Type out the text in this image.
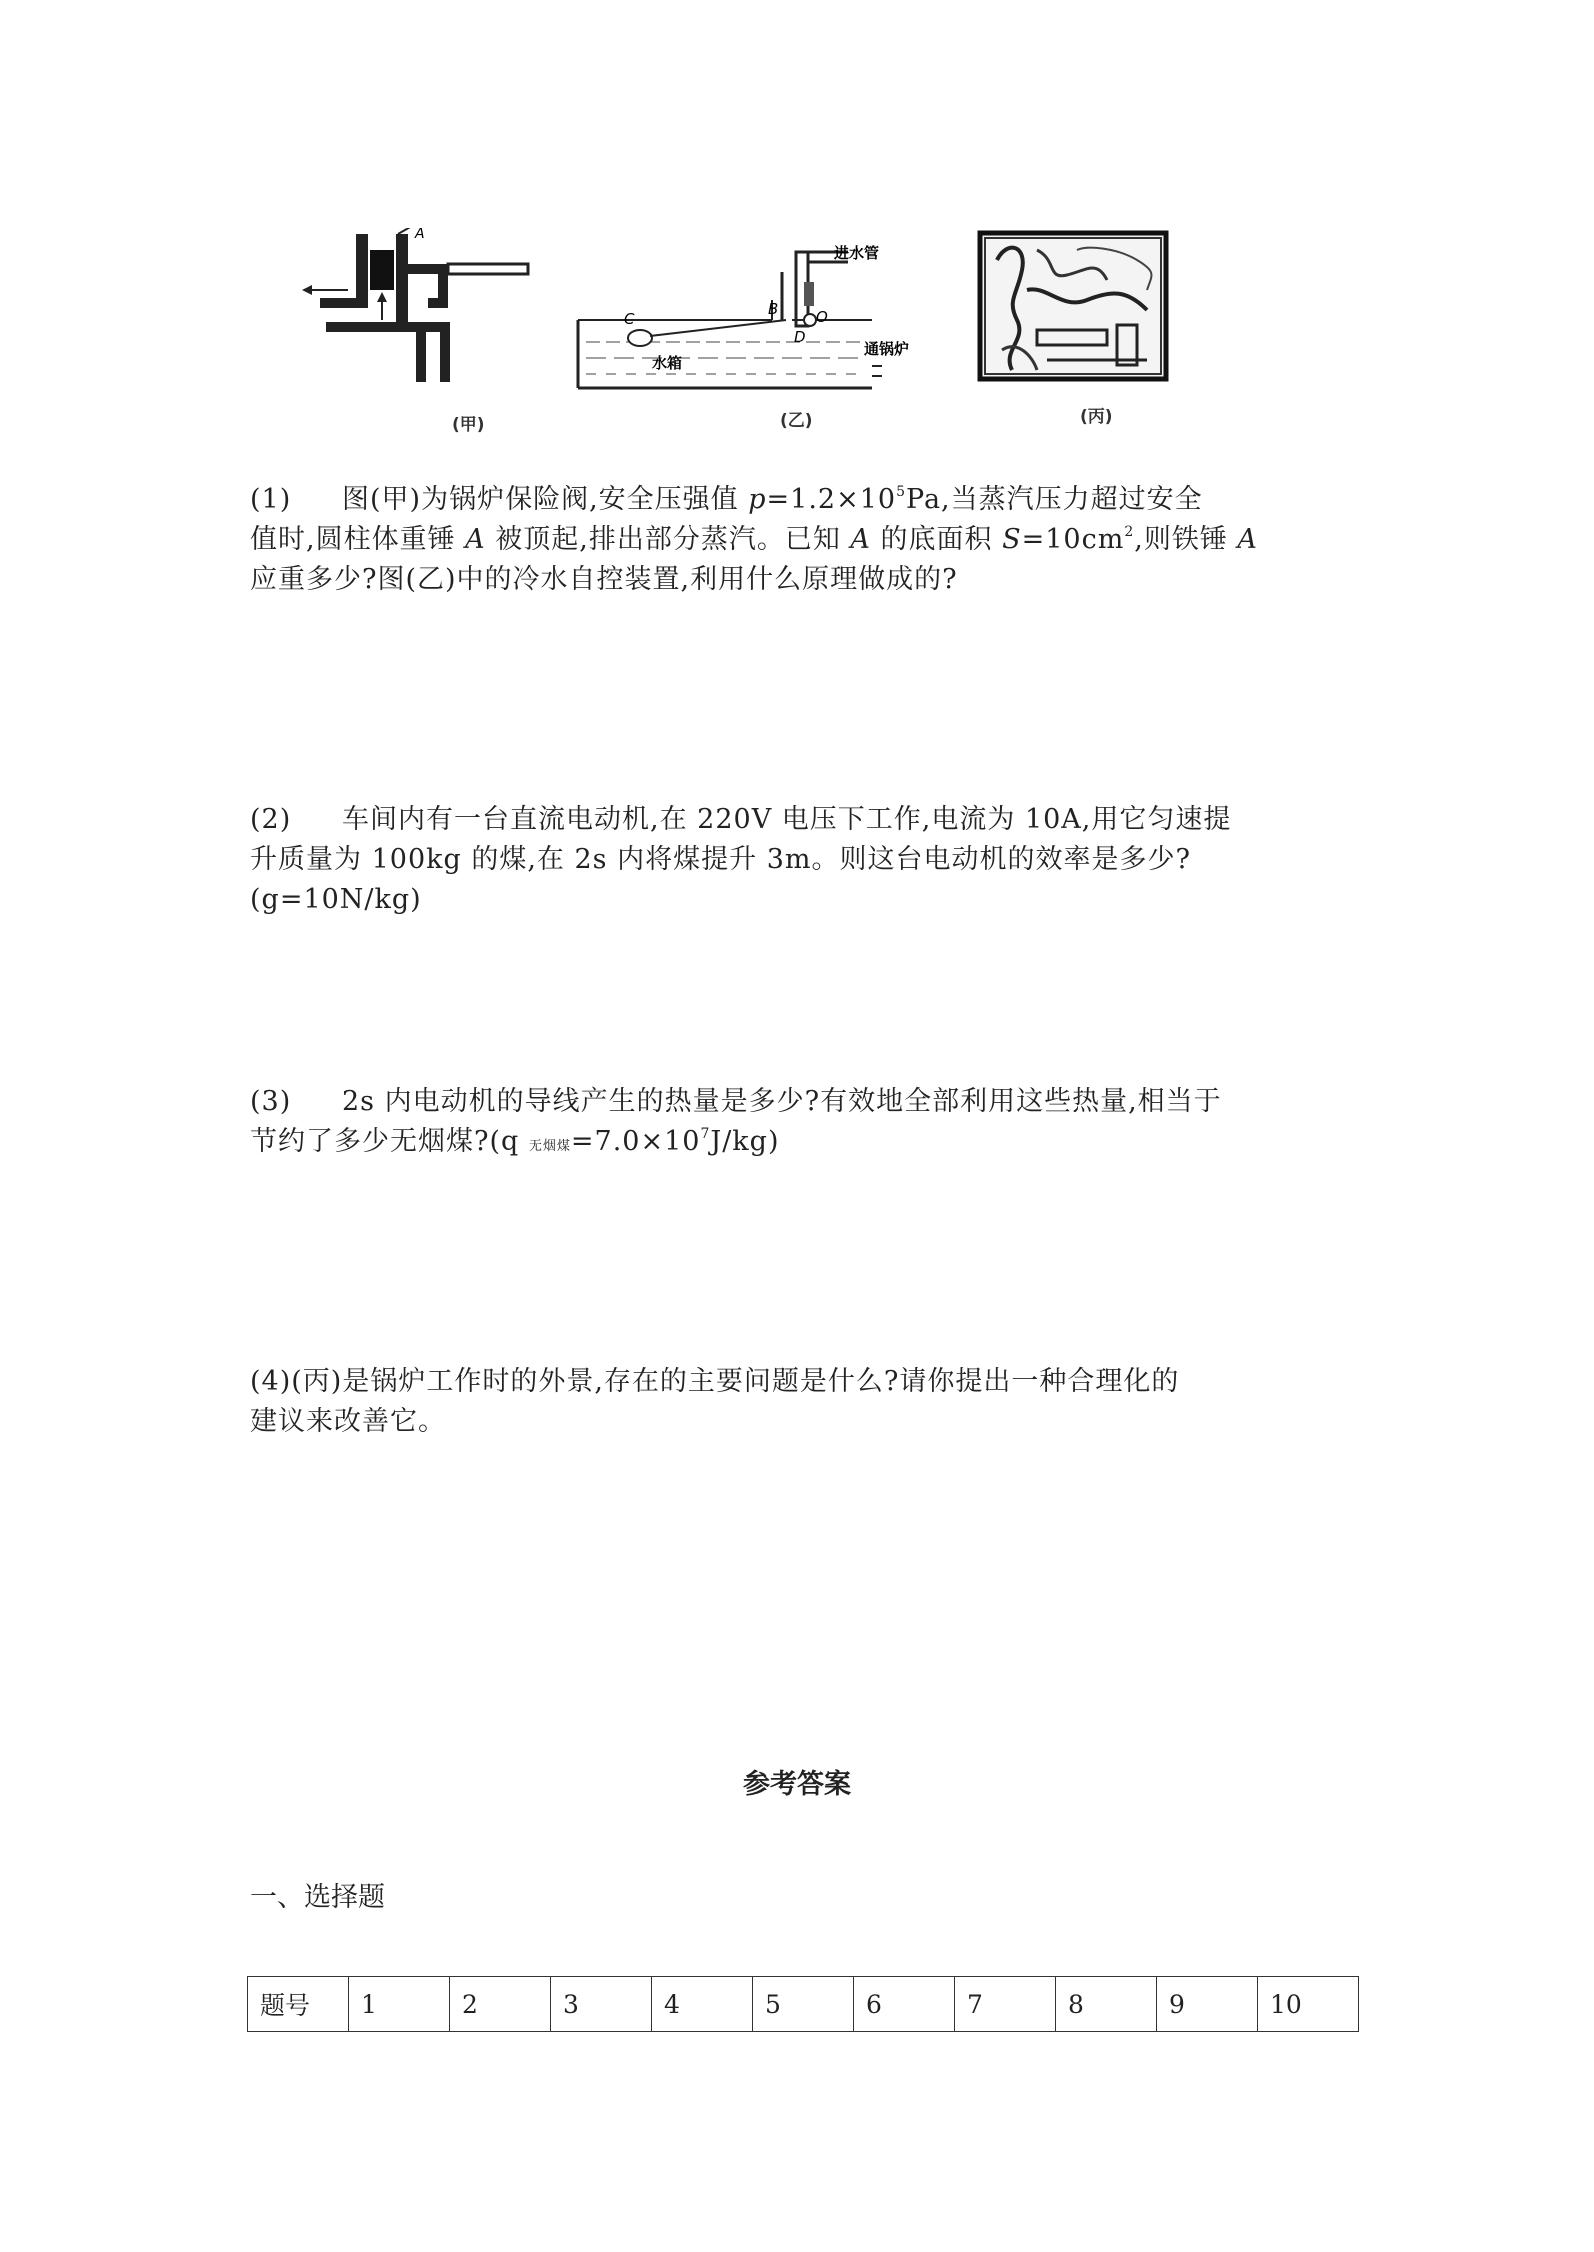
A
(甲)
C
B	O
D
进水管
通锅炉
水箱
(乙)	(丙)
(1) 图(甲)为锅炉保险阀,安全压强值 $p=1.2\times 10^5Pa$,当蒸汽压力超过安全
值时,圆柱体重锤 A 被顶起,排出部分蒸汽。已知 A 的底面积 $S=10cm^2$,则铁锤 A
应重多少?图(乙)中的冷水自控装置,利用什么原理做成的?
(2) 车间内有一台直流电动机,在 220V 电压下工作,电流为 10A,用它匀速提
升质量为 100kg 的煤,在 2s 内将煤提升 3m。则这台电动机的效率是多少?
(g=10N/kg)
(3) 2s 内电动机的导线产生的热量是多少?有效地全部利用这些热量,相当于
节约了多少无烟煤?(q 无烟煤$=7.0\times 10^7J/kg$)
(4)(丙)是锅炉工作时的外景,存在的主要问题是什么?请你提出一种合理化的
建议来改善它。
参考答案
一、选择题
题号	1	2	3	4	5	6	7	8	9	10
